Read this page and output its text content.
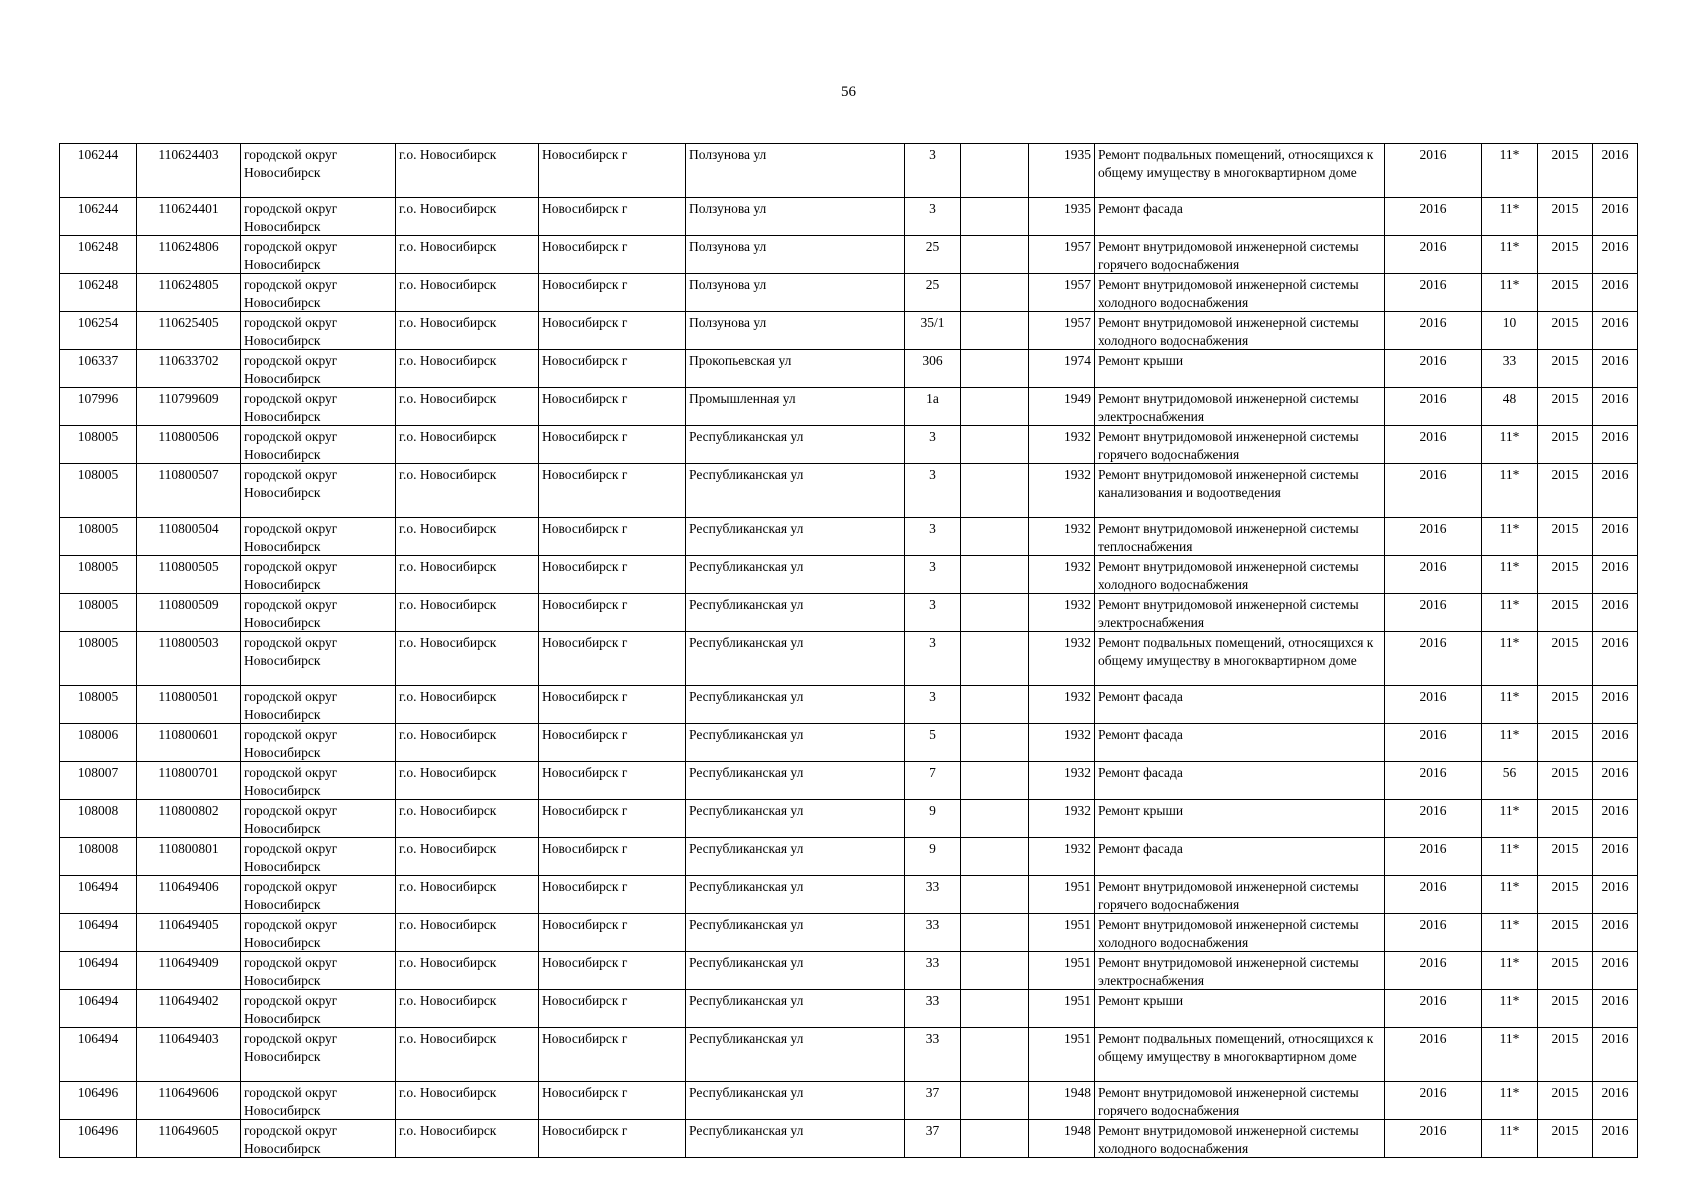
56
106244	110624403	городской округ Новосибирск	г.о. Новосибирск	Новосибирск г	Ползунова ул	3		1935	Ремонт подвальных помещений, относящихся к общему имуществу в многоквартирном доме	2016	11*	2015	2016
106244	110624401	городской округ Новосибирск	г.о. Новосибирск	Новосибирск г	Ползунова ул	3		1935	Ремонт фасада	2016	11*	2015	2016
106248	110624806	городской округ Новосибирск	г.о. Новосибирск	Новосибирск г	Ползунова ул	25		1957	Ремонт внутридомовой инженерной системы горячего водоснабжения	2016	11*	2015	2016
106248	110624805	городской округ Новосибирск	г.о. Новосибирск	Новосибирск г	Ползунова ул	25		1957	Ремонт внутридомовой инженерной системы холодного водоснабжения	2016	11*	2015	2016
106254	110625405	городской округ Новосибирск	г.о. Новосибирск	Новосибирск г	Ползунова ул	35/1		1957	Ремонт внутридомовой инженерной системы холодного водоснабжения	2016	10	2015	2016
106337	110633702	городской округ Новосибирск	г.о. Новосибирск	Новосибирск г	Прокопьевская ул	306		1974	Ремонт крыши	2016	33	2015	2016
107996	110799609	городской округ Новосибирск	г.о. Новосибирск	Новосибирск г	Промышленная ул	1а		1949	Ремонт внутридомовой инженерной системы электроснабжения	2016	48	2015	2016
108005	110800506	городской округ Новосибирск	г.о. Новосибирск	Новосибирск г	Республиканская ул	3		1932	Ремонт внутридомовой инженерной системы горячего водоснабжения	2016	11*	2015	2016
108005	110800507	городской округ Новосибирск	г.о. Новосибирск	Новосибирск г	Республиканская ул	3		1932	Ремонт внутридомовой инженерной системы канализования и водоотведения	2016	11*	2015	2016
108005	110800504	городской округ Новосибирск	г.о. Новосибирск	Новосибирск г	Республиканская ул	3		1932	Ремонт внутридомовой инженерной системы теплоснабжения	2016	11*	2015	2016
108005	110800505	городской округ Новосибирск	г.о. Новосибирск	Новосибирск г	Республиканская ул	3		1932	Ремонт внутридомовой инженерной системы холодного водоснабжения	2016	11*	2015	2016
108005	110800509	городской округ Новосибирск	г.о. Новосибирск	Новосибирск г	Республиканская ул	3		1932	Ремонт внутридомовой инженерной системы электроснабжения	2016	11*	2015	2016
108005	110800503	городской округ Новосибирск	г.о. Новосибирск	Новосибирск г	Республиканская ул	3		1932	Ремонт подвальных помещений, относящихся к общему имуществу в многоквартирном доме	2016	11*	2015	2016
108005	110800501	городской округ Новосибирск	г.о. Новосибирск	Новосибирск г	Республиканская ул	3		1932	Ремонт фасада	2016	11*	2015	2016
108006	110800601	городской округ Новосибирск	г.о. Новосибирск	Новосибирск г	Республиканская ул	5		1932	Ремонт фасада	2016	11*	2015	2016
108007	110800701	городской округ Новосибирск	г.о. Новосибирск	Новосибирск г	Республиканская ул	7		1932	Ремонт фасада	2016	56	2015	2016
108008	110800802	городской округ Новосибирск	г.о. Новосибирск	Новосибирск г	Республиканская ул	9		1932	Ремонт крыши	2016	11*	2015	2016
108008	110800801	городской округ Новосибирск	г.о. Новосибирск	Новосибирск г	Республиканская ул	9		1932	Ремонт фасада	2016	11*	2015	2016
106494	110649406	городской округ Новосибирск	г.о. Новосибирск	Новосибирск г	Республиканская ул	33		1951	Ремонт внутридомовой инженерной системы горячего водоснабжения	2016	11*	2015	2016
106494	110649405	городской округ Новосибирск	г.о. Новосибирск	Новосибирск г	Республиканская ул	33		1951	Ремонт внутридомовой инженерной системы холодного водоснабжения	2016	11*	2015	2016
106494	110649409	городской округ Новосибирск	г.о. Новосибирск	Новосибирск г	Республиканская ул	33		1951	Ремонт внутридомовой инженерной системы электроснабжения	2016	11*	2015	2016
106494	110649402	городской округ Новосибирск	г.о. Новосибирск	Новосибирск г	Республиканская ул	33		1951	Ремонт крыши	2016	11*	2015	2016
106494	110649403	городской округ Новосибирск	г.о. Новосибирск	Новосибирск г	Республиканская ул	33		1951	Ремонт подвальных помещений, относящихся к общему имуществу в многоквартирном доме	2016	11*	2015	2016
106496	110649606	городской округ Новосибирск	г.о. Новосибирск	Новосибирск г	Республиканская ул	37		1948	Ремонт внутридомовой инженерной системы горячего водоснабжения	2016	11*	2015	2016
106496	110649605	городской округ Новосибирск	г.о. Новосибирск	Новосибирск г	Республиканская ул	37		1948	Ремонт внутридомовой инженерной системы холодного водоснабжения	2016	11*	2015	2016
